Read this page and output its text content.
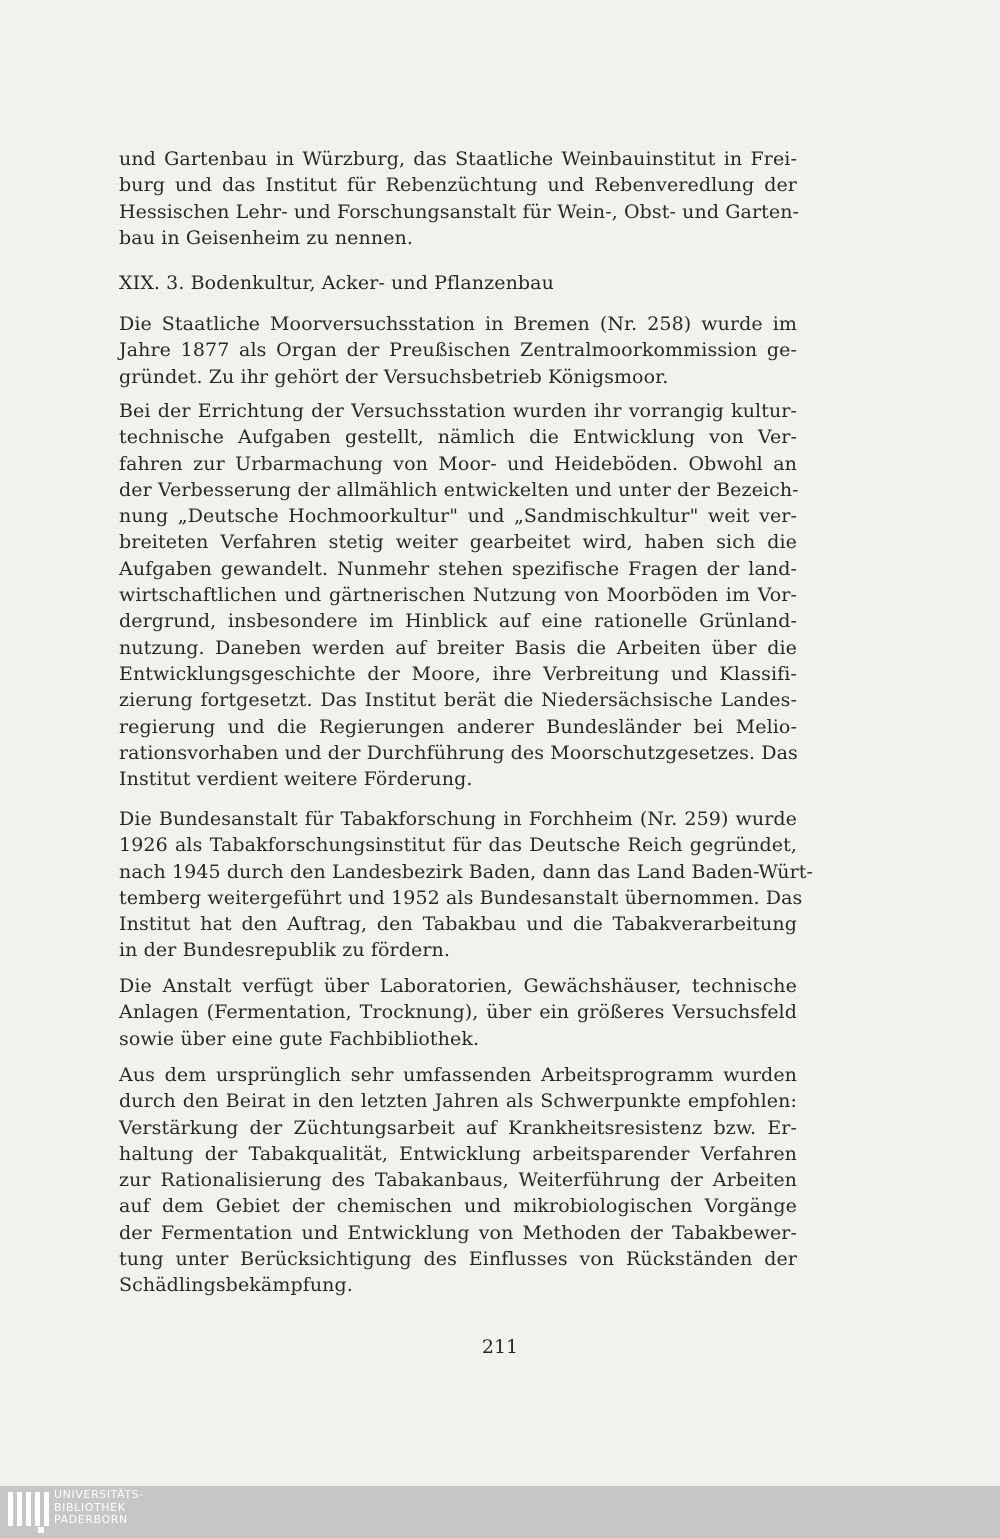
und Gartenbau in Würzburg, das Staatliche Weinbauinstitut in Frei-
burg und das Institut für Rebenzüchtung und Rebenveredlung der
Hessischen Lehr- und Forschungsanstalt für Wein-, Obst- und Garten-
bau in Geisenheim zu nennen.
XIX. 3. Bodenkultur, Acker- und Pflanzenbau
Die Staatliche Moorversuchsstation in Bremen (Nr. 258) wurde im
Jahre 1877 als Organ der Preußischen Zentralmoorkommission ge-
gründet. Zu ihr gehört der Versuchsbetrieb Königsmoor.
Bei der Errichtung der Versuchsstation wurden ihr vorrangig kultur-
technische Aufgaben gestellt, nämlich die Entwicklung von Ver-
fahren zur Urbarmachung von Moor- und Heideböden. Obwohl an
der Verbesserung der allmählich entwickelten und unter der Bezeich-
nung „Deutsche Hochmoorkultur" und „Sandmischkultur" weit ver-
breiteten Verfahren stetig weiter gearbeitet wird, haben sich die
Aufgaben gewandelt. Nunmehr stehen spezifische Fragen der land-
wirtschaftlichen und gärtnerischen Nutzung von Moorböden im Vor-
dergrund, insbesondere im Hinblick auf eine rationelle Grünland-
nutzung. Daneben werden auf breiter Basis die Arbeiten über die
Entwicklungsgeschichte der Moore, ihre Verbreitung und Klassifi-
zierung fortgesetzt. Das Institut berät die Niedersächsische Landes-
regierung und die Regierungen anderer Bundesländer bei Melio-
rationsvorhaben und der Durchführung des Moorschutzgesetzes. Das
Institut verdient weitere Förderung.
Die Bundesanstalt für Tabakforschung in Forchheim (Nr. 259) wurde
1926 als Tabakforschungsinstitut für das Deutsche Reich gegründet,
nach 1945 durch den Landesbezirk Baden, dann das Land Baden-Würt-
temberg weitergeführt und 1952 als Bundesanstalt übernommen. Das
Institut hat den Auftrag, den Tabakbau und die Tabakverarbeitung
in der Bundesrepublik zu fördern.
Die Anstalt verfügt über Laboratorien, Gewächshäuser, technische
Anlagen (Fermentation, Trocknung), über ein größeres Versuchsfeld
sowie über eine gute Fachbibliothek.
Aus dem ursprünglich sehr umfassenden Arbeitsprogramm wurden
durch den Beirat in den letzten Jahren als Schwerpunkte empfohlen:
Verstärkung der Züchtungsarbeit auf Krankheitsresistenz bzw. Er-
haltung der Tabakqualität, Entwicklung arbeitsparender Verfahren
zur Rationalisierung des Tabakanbaus, Weiterführung der Arbeiten
auf dem Gebiet der chemischen und mikrobiologischen Vorgänge
der Fermentation und Entwicklung von Methoden der Tabakbewer-
tung unter Berücksichtigung des Einflusses von Rückständen der
Schädlingsbekämpfung.
211
UNIVERSITÄTS-
BIBLIOTHEK
PADERBORN
